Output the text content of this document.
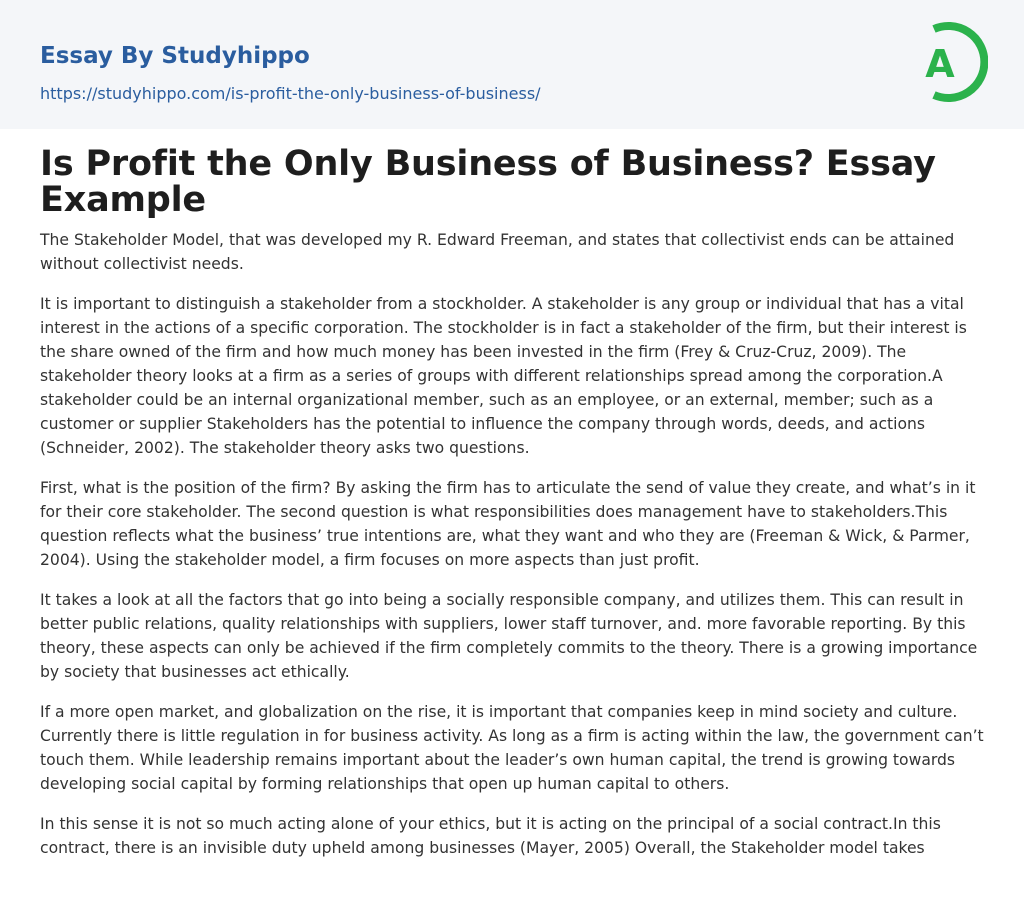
Essay By Studyhippo
https://studyhippo.com/is-profit-the-only-business-of-business/
A
Is Profit the Only Business of Business? Essay Example

The Stakeholder Model, that was developed my R. Edward Freeman, and states that collectivist ends can be attained without collectivist needs.

It is important to distinguish a stakeholder from a stockholder. A stakeholder is any group or individual that has a vital interest in the actions of a specific corporation. The stockholder is in fact a stakeholder of the firm, but their interest is the share owned of the firm and how much money has been invested in the firm (Frey & Cruz-Cruz, 2009). The stakeholder theory looks at a firm as a series of groups with different relationships spread among the corporation.A stakeholder could be an internal organizational member, such as an employee, or an external, member; such as a customer or supplier Stakeholders has the potential to influence the company through words, deeds, and actions (Schneider, 2002). The stakeholder theory asks two questions.

First, what is the position of the firm? By asking the firm has to articulate the send of value they create, and what’s in it for their core stakeholder. The second question is what responsibilities does management have to stakeholders.This question reflects what the business’ true intentions are, what they want and who they are (Freeman & Wick, & Parmer, 2004). Using the stakeholder model, a firm focuses on more aspects than just profit.

It takes a look at all the factors that go into being a socially responsible company, and utilizes them. This can result in better public relations, quality relationships with suppliers, lower staff turnover, and. more favorable reporting. By this theory, these aspects can only be achieved if the firm completely commits to the theory. There is a growing importance by society that businesses act ethically.

If a more open market, and globalization on the rise, it is important that companies keep in mind society and culture. Currently there is little regulation in for business activity. As long as a firm is acting within the law, the government can’t touch them. While leadership remains important about the leader’s own human capital, the trend is growing towards developing social capital by forming relationships that open up human capital to others.

In this sense it is not so much acting alone of your ethics, but it is acting on the principal of a social contract.In this contract, there is an invisible duty upheld among businesses (Mayer, 2005) Overall, the Stakeholder model takes
